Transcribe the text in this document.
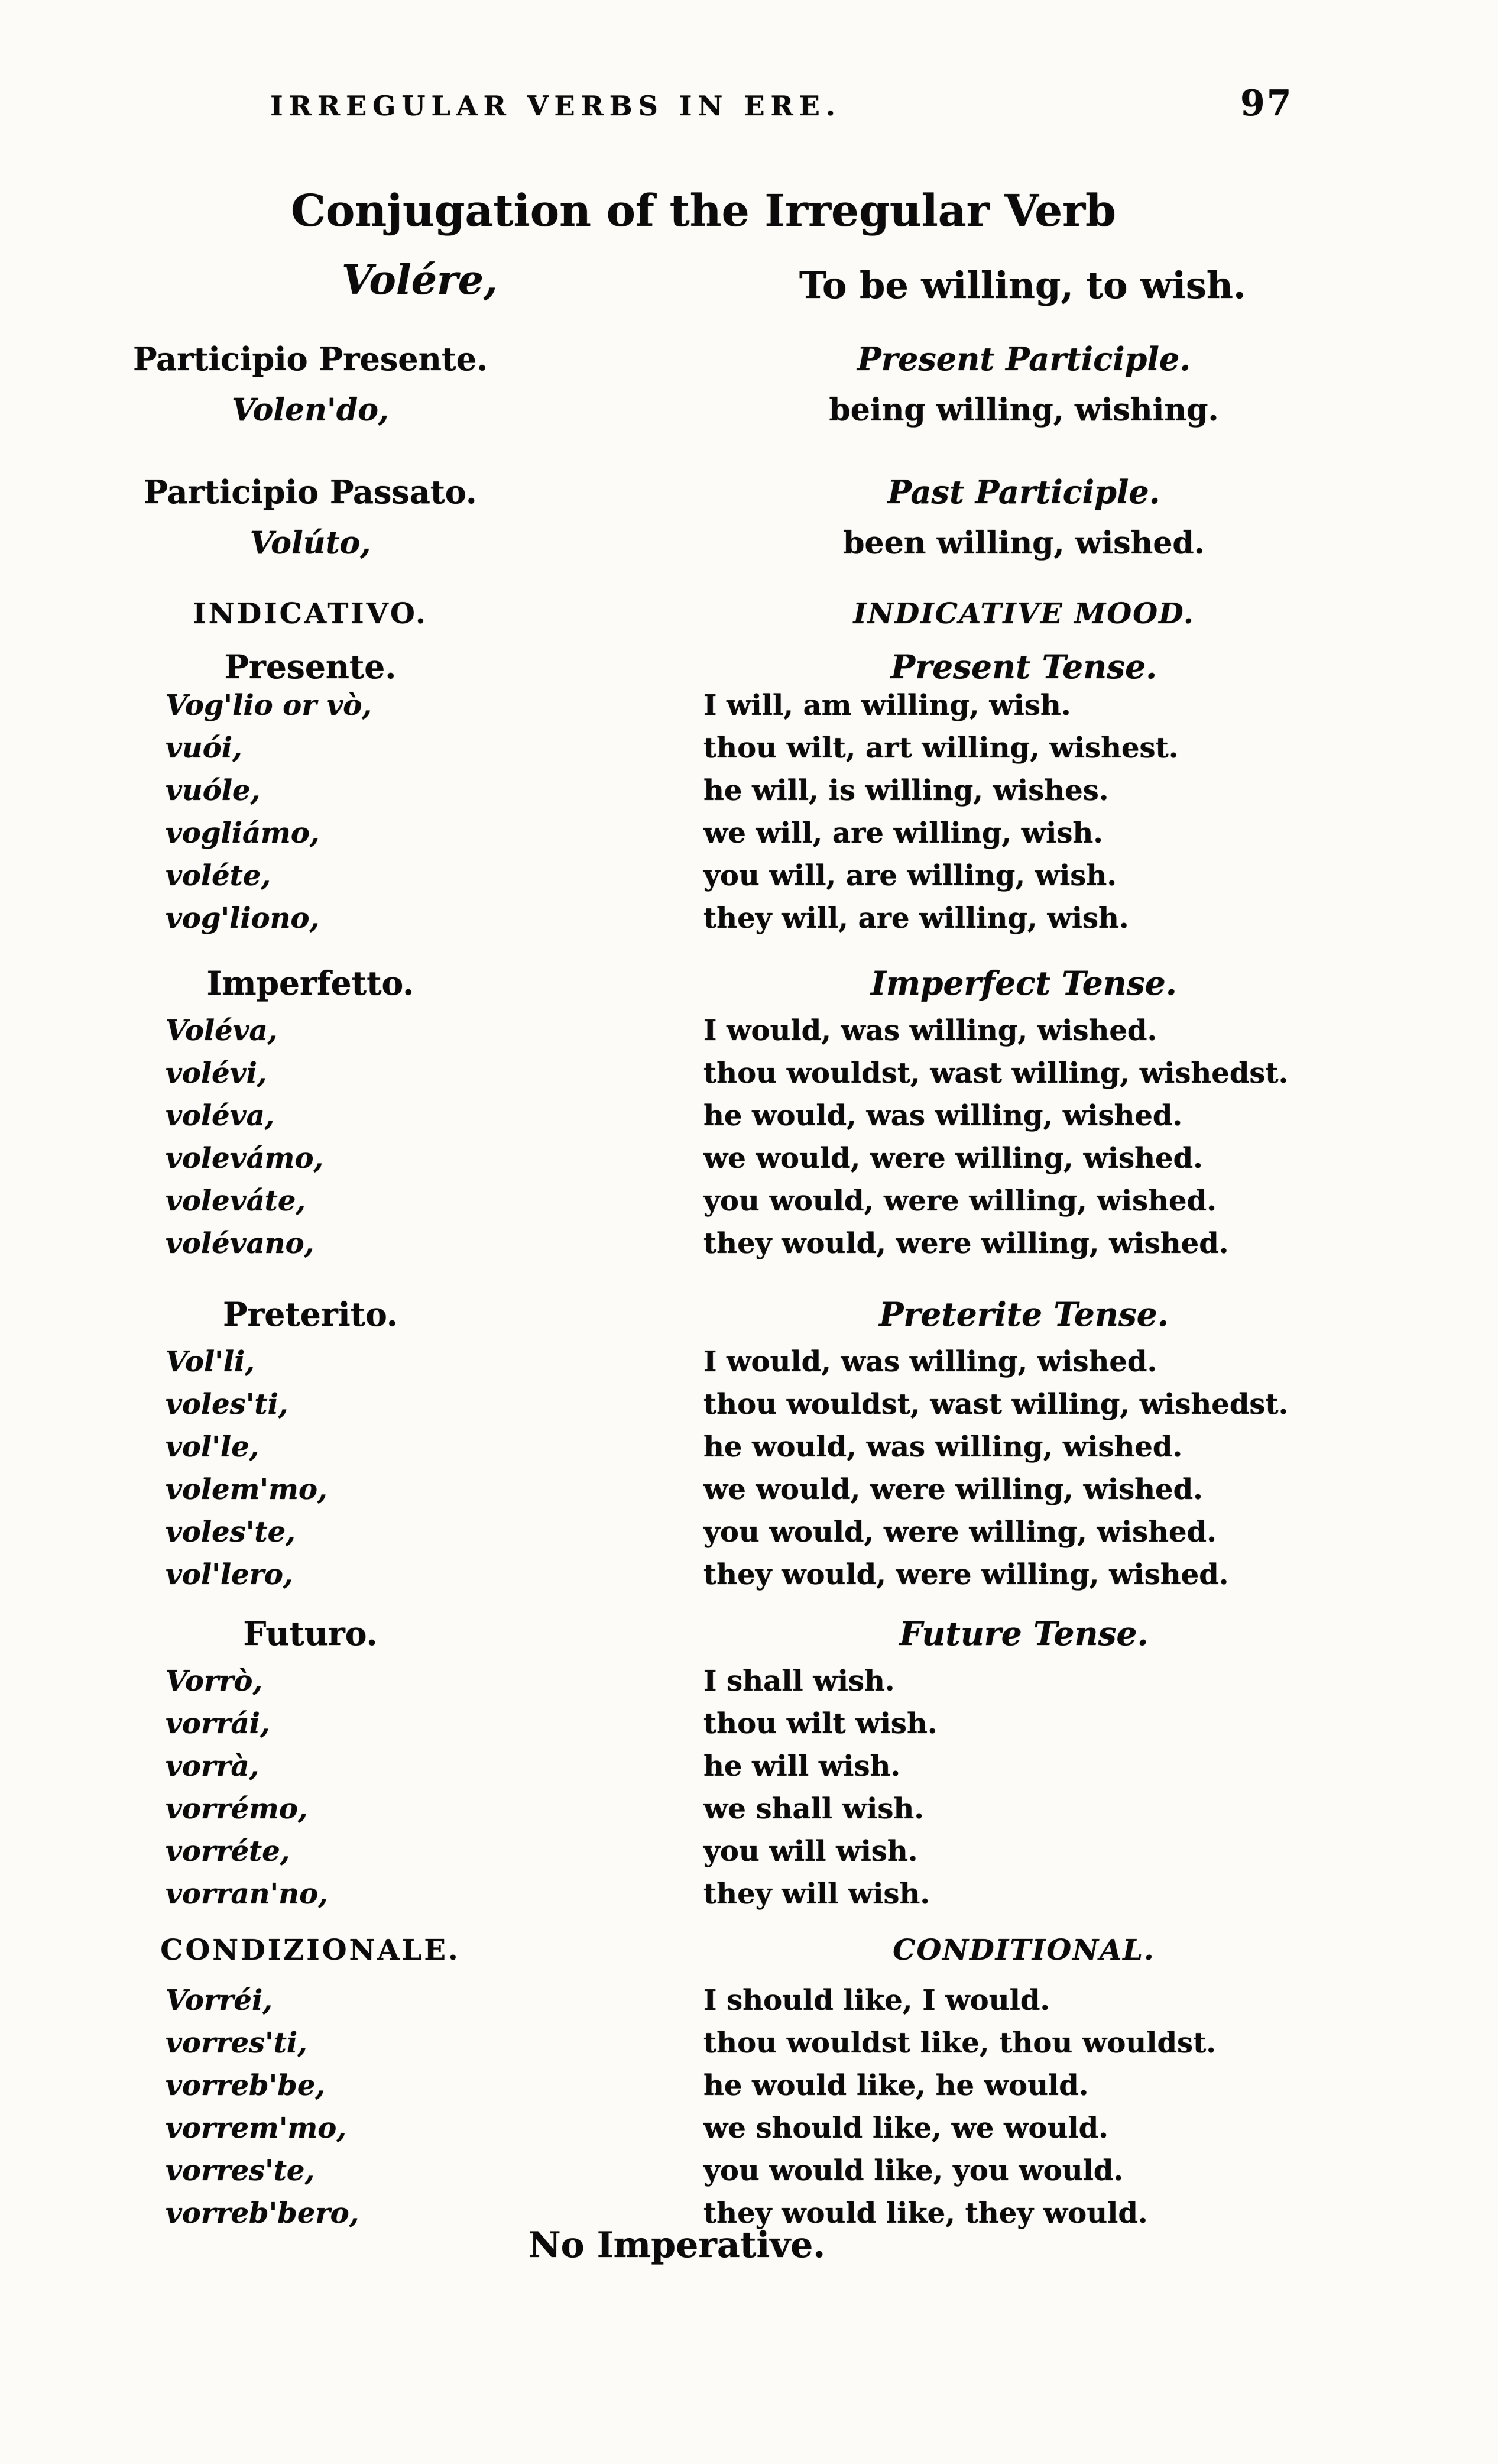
IRREGULAR VERBS IN ERE.	97
Conjugation of the Irregular Verb
Volére,	To be willing, to wish.
Participio Presente.	Present Participle.
Volen'do,	being willing, wishing.
Participio Passato.	Past Participle.
Volúto,	been willing, wished.
INDICATIVO.	INDICATIVE MOOD.
Presente.	Present Tense.
Vog'lio or vò,	I will, am willing, wish.
vuói,	thou wilt, art willing, wishest.
vuóle,	he will, is willing, wishes.
vogliámo,	we will, are willing, wish.
voléte,	you will, are willing, wish.
vog'liono,	they will, are willing, wish.
Imperfetto.	Imperfect Tense.
Voléva,	I would, was willing, wished.
volévi,	thou wouldst, wast willing, wishedst.
voléva,	he would, was willing, wished.
volevámo,	we would, were willing, wished.
voleváte,	you would, were willing, wished.
volévano,	they would, were willing, wished.
Preterito.	Preterite Tense.
Vol'li,	I would, was willing, wished.
voles'ti,	thou wouldst, wast willing, wishedst.
vol'le,	he would, was willing, wished.
volem'mo,	we would, were willing, wished.
voles'te,	you would, were willing, wished.
vol'lero,	they would, were willing, wished.
Futuro.	Future Tense.
Vorrò,	I shall wish.
vorrái,	thou wilt wish.
vorrà,	he will wish.
vorrémo,	we shall wish.
vorréte,	you will wish.
vorran'no,	they will wish.
CONDIZIONALE.	CONDITIONAL.
Vorréi,	I should like, I would.
vorres'ti,	thou wouldst like, thou wouldst.
vorreb'be,	he would like, he would.
vorrem'mo,	we should like, we would.
vorres'te,	you would like, you would.
vorreb'bero,	they would like, they would.
No Imperative.
